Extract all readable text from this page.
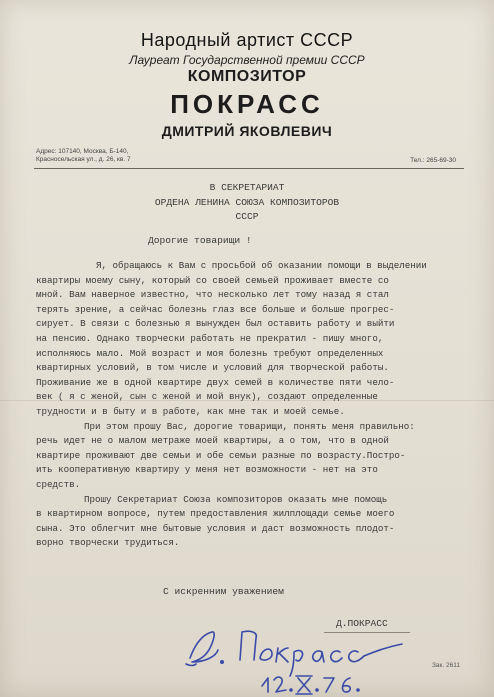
Народный артист СССР
Лауреат Государственной премии СССР
КОМПОЗИТОР
ПОКРАСС
ДМИТРИЙ ЯКОВЛЕВИЧ
Адрес: 107140, Москва, Б-140,
Красносельская ул., д. 26, кв. 7	Тел.: 265-69-30
В СЕКРЕТАРИАТ
ОРДЕНА ЛЕНИНА СОЮЗА КОМПОЗИТОРОВ
СССР
Дорогие товарищи !
Я, обращаюсь к Вам с просьбой об оказании помощи в выделении
квартиры моему сыну, который со своей семьей проживает вместе со
мной. Вам наверное известно, что несколько лет тому назад я стал
терять зрение, а сейчас болезнь глаз все больше и больше прогрес-
сирует. В связи с болезнью я вынужден был оставить работу и выйти
на пенсию. Однако творчески работать не прекратил - пишу много,
исполняюсь мало. Мой возраст и моя болезнь требуют определенных
квартирных условий, в том числе и условий для творческой работы.
Проживание же в одной квартире двух семей в количестве пяти чело-
век ( я с женой, сын с женой и мой внук), создают определенные
трудности и в быту и в работе, как мне так и моей семье.
При этом прошу Вас, дорогие товарищи, понять меня правильно:
речь идет не о малом метраже моей квартиры, а о том, что в одной
квартире проживают две семьи и обе семьи разные по возрасту.Постро-
ить кооперативную квартиру у меня нет возможности - нет на это
средств.
Прошу Секретариат Союза композиторов оказать мне помощь
в квартирном вопросе, путем предоставления жилплощади семье моего
сына. Это облегчит мне бытовые условия и даст возможность плодот-
ворно творчески трудиться.
С искренним уважением
Д.ПОКРАСС
Зак. 2611
